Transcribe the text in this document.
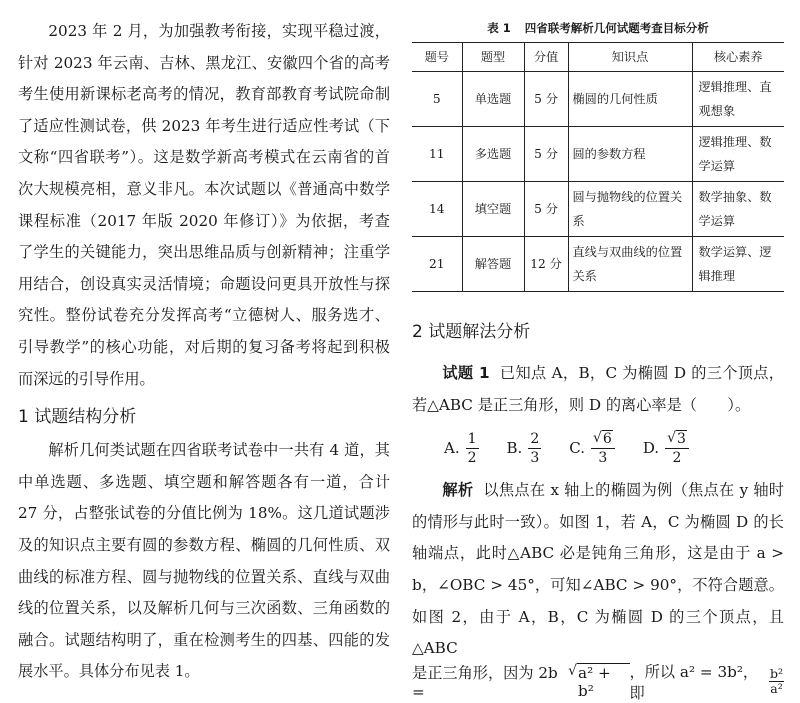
2023 年 2 月，为加强教考衔接，实现平稳过渡，针对 2023 年云南、吉林、黑龙江、安徽四个省的高考考生使用新课标老高考的情况，教育部教育考试院命制了适应性测试卷，供 2023 年考生进行适应性考试（下文称“四省联考”）。这是数学新高考模式在云南省的首次大规模亮相，意义非凡。本次试题以《普通高中数学课程标准（2017 年版 2020 年修订）》为依据，考查了学生的关键能力，突出思维品质与创新精神；注重学用结合，创设真实灵活情境；命题设问更具开放性与探究性。整份试卷充分发挥高考“立德树人、服务选才、引导教学”的核心功能，对后期的复习备考将起到积极而深远的引导作用。

1 试题结构分析

解析几何类试题在四省联考试卷中一共有 4 道，其中单选题、多选题、填空题和解答题各有一道，合计 27 分，占整张试卷的分值比例为 18%。这几道试题涉及的知识点主要有圆的参数方程、椭圆的几何性质、双曲线的标准方程、圆与抛物线的位置关系、直线与双曲线的位置关系，以及解析几何与三次函数、三角函数的融合。试题结构明了，重在检测考生的四基、四能的发展水平。具体分布见表 1。

表 1 四省联考解析几何试题考查目标分析
题号	题型	分值	知识点	核心素养
5	单选题	5 分	椭圆的几何性质	逻辑推理、直观想象
11	多选题	5 分	圆的参数方程	逻辑推理、数学运算
14	填空题	5 分	圆与抛物线的位置关系	数学抽象、数学运算
21	解答题	12 分	直线与双曲线的位置关系	数学运算、逻辑推理
2 试题解法分析

试题 1 已知点 A，B，C 为椭圆 D 的三个顶点，若△ABC 是正三角形，则 D 的离心率是（　　）。

A. $\frac{1}{2} B$. $\frac{2}{3} C$. $\frac{√ 6}{3} D$. $\frac{√ 3}{2}$

解析 以焦点在 x 轴上的椭圆为例（焦点在 y 轴时的情形与此时一致）。如图 1，若 A，C 为椭圆 D 的长轴端点，此时△ABC 必是钝角三角形，这是由于 a > b，∠OBC > 45°，可知∠ABC > 90°，不符合题意。如图 2，由于 A，B，C 为椭圆 D 的三个顶点，且△ABC

是正三角形，因为 2b =
√ a² + b²
，所以 a² = 3b²，即	$\frac{\text{b²}}{\text{a²}}$
